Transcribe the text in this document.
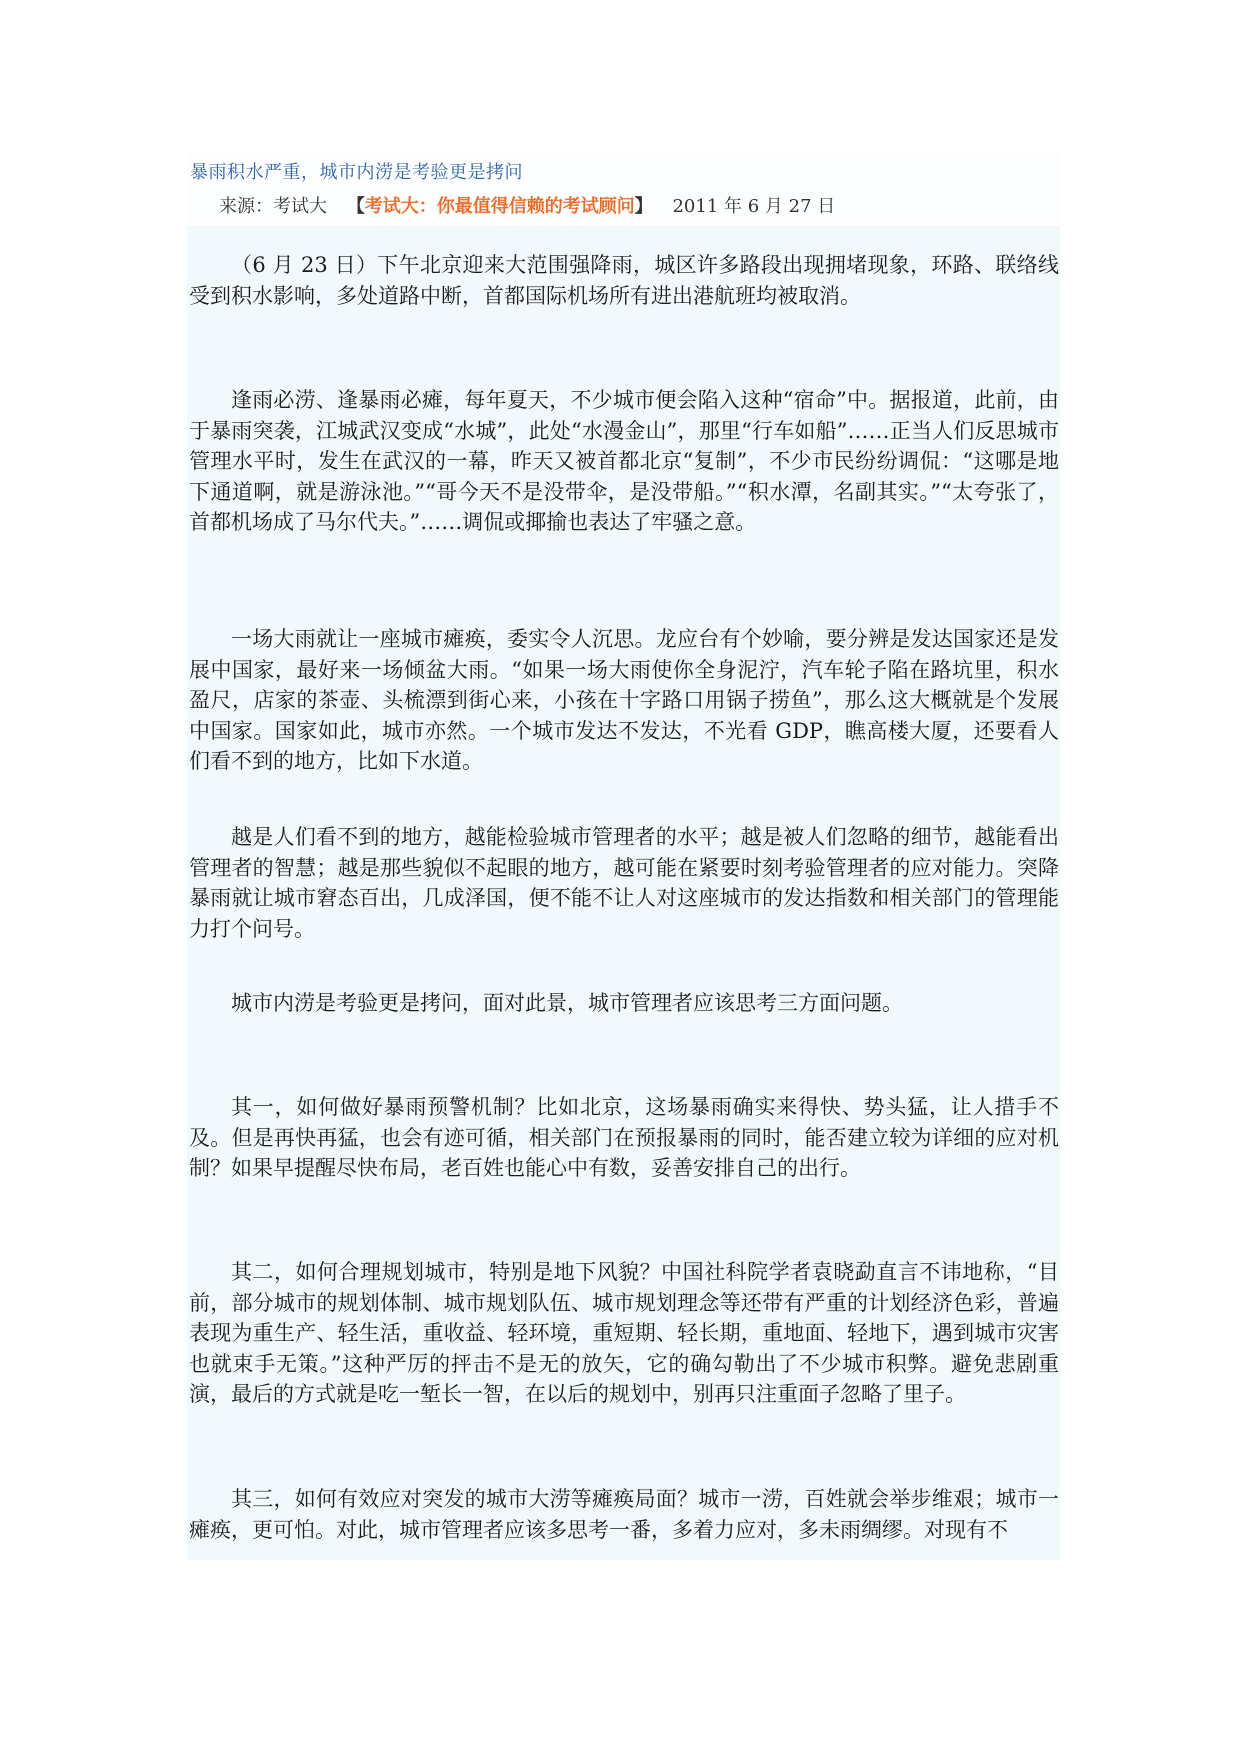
暴雨积水严重，城市内涝是考验更是拷问
来源：考试大 【考试大：你最值得信赖的考试顾问】 2011 年 6 月 27 日

（6 月 23 日）下午北京迎来大范围强降雨，城区许多路段出现拥堵现象，环路、联络线受到积水影响，多处道路中断，首都国际机场所有进出港航班均被取消。

逢雨必涝、逢暴雨必瘫，每年夏天，不少城市便会陷入这种“宿命”中。据报道，此前，由于暴雨突袭，江城武汉变成“水城”，此处“水漫金山”，那里“行车如船”……正当人们反思城市管理水平时，发生在武汉的一幕，昨天又被首都北京“复制”，不少市民纷纷调侃：“这哪是地下通道啊，就是游泳池。”“哥今天不是没带伞，是没带船。”“积水潭，名副其实。”“太夸张了，首都机场成了马尔代夫。”……调侃或揶揄也表达了牢骚之意。

一场大雨就让一座城市瘫痪，委实令人沉思。龙应台有个妙喻，要分辨是发达国家还是发展中国家，最好来一场倾盆大雨。“如果一场大雨使你全身泥泞，汽车轮子陷在路坑里，积水盈尺，店家的茶壶、头梳漂到街心来，小孩在十字路口用锅子捞鱼”，那么这大概就是个发展中国家。国家如此，城市亦然。一个城市发达不发达，不光看 GDP，瞧高楼大厦，还要看人们看不到的地方，比如下水道。

越是人们看不到的地方，越能检验城市管理者的水平；越是被人们忽略的细节，越能看出管理者的智慧；越是那些貌似不起眼的地方，越可能在紧要时刻考验管理者的应对能力。突降暴雨就让城市窘态百出，几成泽国，便不能不让人对这座城市的发达指数和相关部门的管理能力打个问号。

城市内涝是考验更是拷问，面对此景，城市管理者应该思考三方面问题。

其一，如何做好暴雨预警机制？比如北京，这场暴雨确实来得快、势头猛，让人措手不及。但是再快再猛，也会有迹可循，相关部门在预报暴雨的同时，能否建立较为详细的应对机制？如果早提醒尽快布局，老百姓也能心中有数，妥善安排自己的出行。

其二，如何合理规划城市，特别是地下风貌？中国社科院学者袁晓勐直言不讳地称，“目前，部分城市的规划体制、城市规划队伍、城市规划理念等还带有严重的计划经济色彩，普遍表现为重生产、轻生活，重收益、轻环境，重短期、轻长期，重地面、轻地下，遇到城市灾害也就束手无策。”这种严厉的抨击不是无的放矢，它的确勾勒出了不少城市积弊。避免悲剧重演，最后的方式就是吃一堑长一智，在以后的规划中，别再只注重面子忽略了里子。

其三，如何有效应对突发的城市大涝等瘫痪局面？城市一涝，百姓就会举步维艰；城市一瘫痪，更可怕。对此，城市管理者应该多思考一番，多着力应对，多未雨绸缪。对现有不
